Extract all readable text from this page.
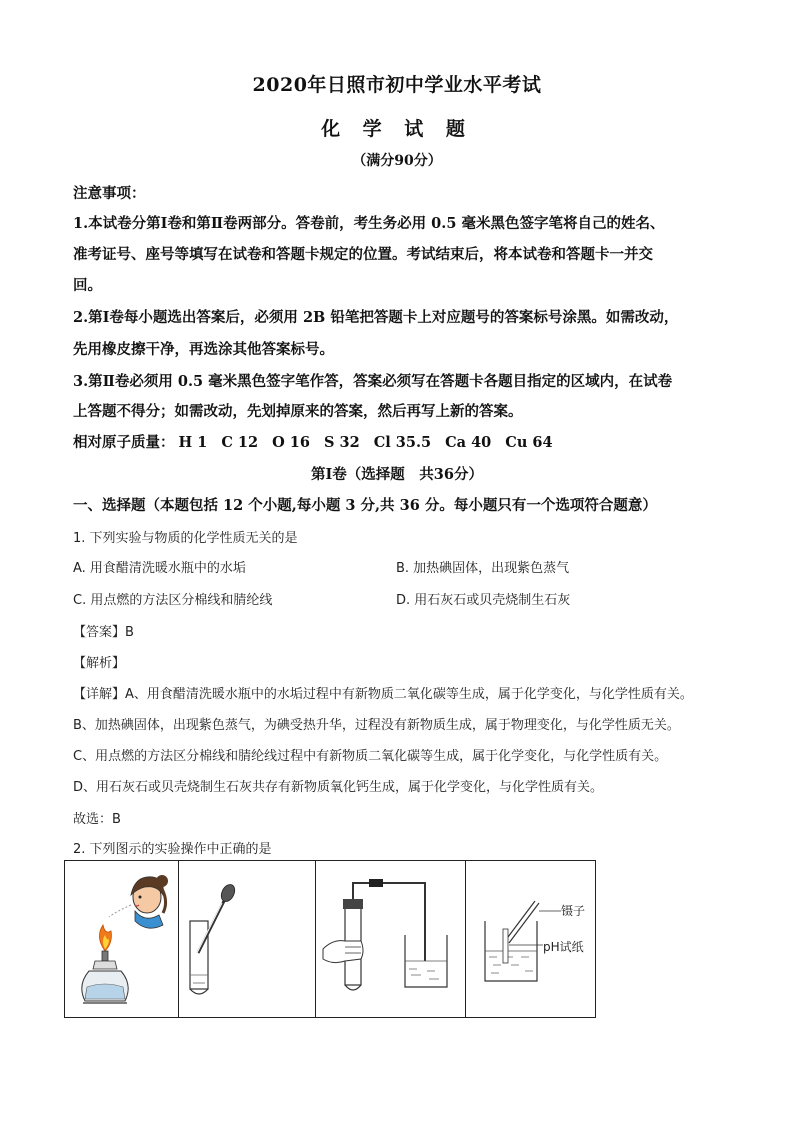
2020年日照市初中学业水平考试
化 学 试 题
（满分90分）
注意事项：
1.本试卷分第Ⅰ卷和第Ⅱ卷两部分。答卷前，考生务必用 0.5 毫米黑色签字笔将自己的姓名、
准考证号、座号等填写在试卷和答题卡规定的位置。考试结束后，将本试卷和答题卡一并交
回。
2.第Ⅰ卷每小题选出答案后，必须用 2B 铅笔把答题卡上对应题号的答案标号涂黑。如需改动，
先用橡皮擦干净，再选涂其他答案标号。
3.第Ⅱ卷必须用 0.5 毫米黑色签字笔作答，答案必须写在答题卡各题目指定的区域内，在试卷
上答题不得分；如需改动，先划掉原来的答案，然后再写上新的答案。
相对原子质量： H 1 C 12 O 16 S 32 Cl 35.5 Ca 40 Cu 64
第Ⅰ卷（选择题　共36分）
一、选择题（本题包括 12 个小题,每小题 3 分,共 36 分。每小题只有一个选项符合题意）
1. 下列实验与物质的化学性质无关的是
A. 用食醋清洗暖水瓶中的水垢	B. 加热碘固体，出现紫色蒸气
C. 用点燃的方法区分棉线和腈纶线	D. 用石灰石或贝壳烧制生石灰
【答案】B
【解析】
【详解】A、用食醋清洗暖水瓶中的水垢过程中有新物质二氧化碳等生成，属于化学变化，与化学性质有关。
B、加热碘固体，出现紫色蒸气，为碘受热升华，过程没有新物质生成，属于物理变化，与化学性质无关。
C、用点燃的方法区分棉线和腈纶线过程中有新物质二氧化碳等生成，属于化学变化，与化学性质有关。
D、用石灰石或贝壳烧制生石灰共存有新物质氧化钙生成，属于化学变化，与化学性质有关。
故选：B
2. 下列图示的实验操作中正确的是
镊子
pH试纸
